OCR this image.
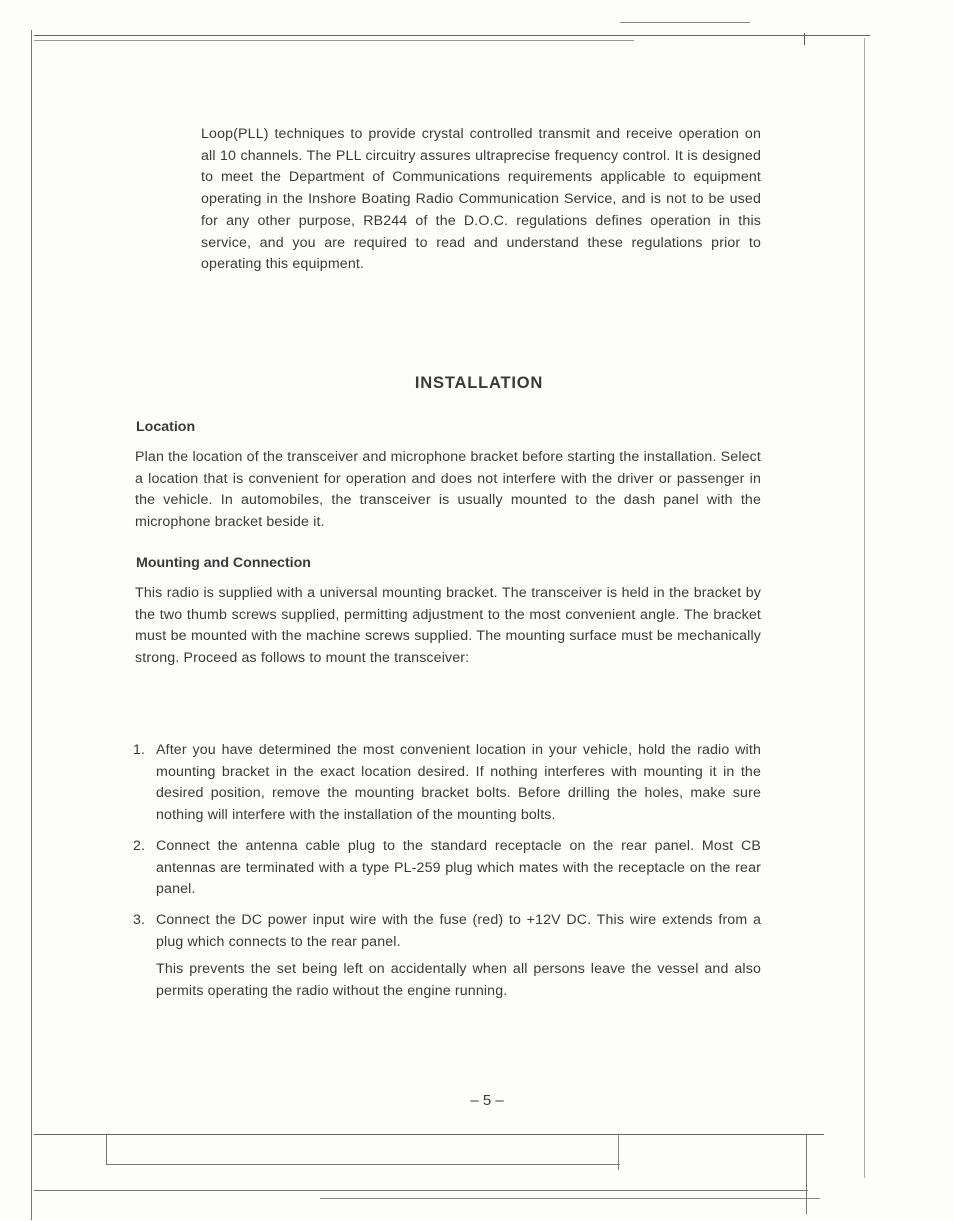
Loop(PLL) techniques to provide crystal controlled transmit and receive operation on all 10 channels. The PLL circuitry assures ultraprecise frequency control. It is designed to meet the Department of Communications requirements applicable to equipment operating in the Inshore Boating Radio Communication Service, and is not to be used for any other purpose, RB244 of the D.O.C. regulations defines operation in this service, and you are required to read and understand these regulations prior to operating this equipment.

INSTALLATION
Location

Plan the location of the transceiver and microphone bracket before starting the installation. Select a location that is convenient for operation and does not interfere with the driver or passenger in the vehicle. In automobiles, the transceiver is usually mounted to the dash panel with the microphone bracket beside it.

Mounting and Connection

This radio is supplied with a universal mounting bracket. The transceiver is held in the bracket by the two thumb screws supplied, permitting adjustment to the most convenient angle. The bracket must be mounted with the machine screws supplied. The mounting surface must be mechanically strong. Proceed as follows to mount the transceiver:

1. After you have determined the most convenient location in your vehicle, hold the radio with mounting bracket in the exact location desired. If nothing interferes with mounting it in the desired position, remove the mounting bracket bolts. Before drilling the holes, make sure nothing will interfere with the installation of the mounting bolts.
2. Connect the antenna cable plug to the standard receptacle on the rear panel. Most CB antennas are terminated with a type PL-259 plug which mates with the receptacle on the rear panel.
3. Connect the DC power input wire with the fuse (red) to +12V DC. This wire extends from a plug which connects to the rear panel.
This prevents the set being left on accidentally when all persons leave the vessel and also permits operating the radio without the engine running.

– 5 –
